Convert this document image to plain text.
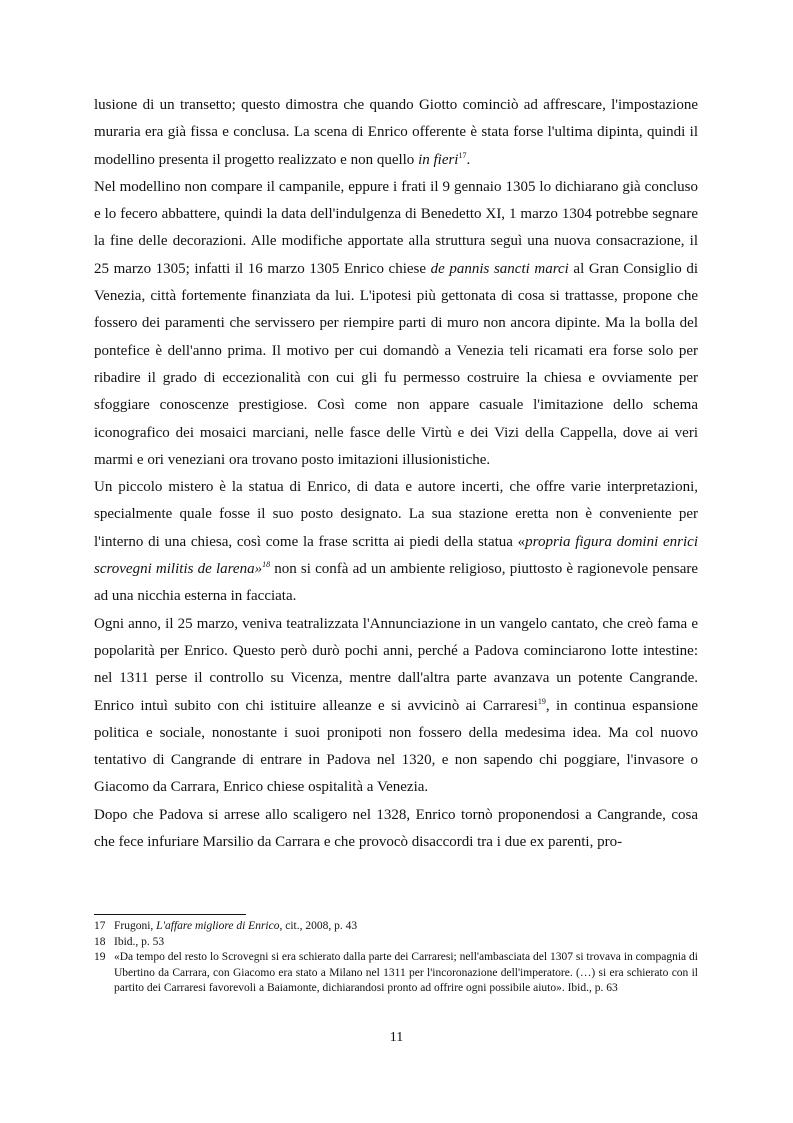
lusione di un transetto; questo dimostra che quando Giotto cominciò ad affrescare, l'impostazione muraria era già fissa e conclusa. La scena di Enrico offerente è stata forse l'ultima dipinta, quindi il modellino presenta il progetto realizzato e non quello in fieri$^{17}$.

Nel modellino non compare il campanile, eppure i frati il 9 gennaio 1305 lo dichiarano già concluso e lo fecero abbattere, quindi la data dell'indulgenza di Benedetto XI, 1 marzo 1304 potrebbe segnare la fine delle decorazioni. Alle modifiche apportate alla struttura seguì una nuova consacrazione, il 25 marzo 1305; infatti il 16 marzo 1305 Enrico chiese de pannis sancti marci al Gran Consiglio di Venezia, città fortemente finanziata da lui. L'ipotesi più gettonata di cosa si trattasse, propone che fossero dei paramenti che servissero per riempire parti di muro non ancora dipinte. Ma la bolla del pontefice è dell'anno prima. Il motivo per cui domandò a Venezia teli ricamati era forse solo per ribadire il grado di eccezionalità con cui gli fu permesso costruire la chiesa e ovviamente per sfoggiare conoscenze prestigiose. Così come non appare casuale l'imitazione dello schema iconografico dei mosaici marciani, nelle fasce delle Virtù e dei Vizi della Cappella, dove ai veri marmi e ori veneziani ora trovano posto imitazioni illusionistiche.

Un piccolo mistero è la statua di Enrico, di data e autore incerti, che offre varie interpretazioni, specialmente quale fosse il suo posto designato. La sua stazione eretta non è conveniente per l'interno di una chiesa, così come la frase scritta ai piedi della statua «propria figura domini enrici scrovegni militis de larena»$^{18}$ non si confà ad un ambiente religioso, piuttosto è ragionevole pensare ad una nicchia esterna in facciata.

Ogni anno, il 25 marzo, veniva teatralizzata l'Annunciazione in un vangelo cantato, che creò fama e popolarità per Enrico. Questo però durò pochi anni, perché a Padova cominciarono lotte intestine: nel 1311 perse il controllo su Vicenza, mentre dall'altra parte avanzava un potente Cangrande. Enrico intuì subito con chi istituire alleanze e si avvicinò ai Carraresi$^{19}$, in continua espansione politica e sociale, nonostante i suoi pronipoti non fossero della medesima idea. Ma col nuovo tentativo di Cangrande di entrare in Padova nel 1320, e non sapendo chi poggiare, l'invasore o Giacomo da Carrara, Enrico chiese ospitalità a Venezia.

Dopo che Padova si arrese allo scaligero nel 1328, Enrico tornò proponendosi a Cangrande, cosa che fece infuriare Marsilio da Carrara e che provocò disaccordi tra i due ex parenti, pro-

17 Frugoni, L'affare migliore di Enrico, cit., 2008, p. 43
18 Ibid., p. 53
19 «Da tempo del resto lo Scrovegni si era schierato dalla parte dei Carraresi; nell'ambasciata del 1307 si trovava in compagnia di Ubertino da Carrara, con Giacomo era stato a Milano nel 1311 per l'incoronazione dell'imperatore. (…) si era schierato con il partito dei Carraresi favorevoli a Baiamonte, dichiarandosi pronto ad offrire ogni possibile aiuto». Ibid., p. 63
11
